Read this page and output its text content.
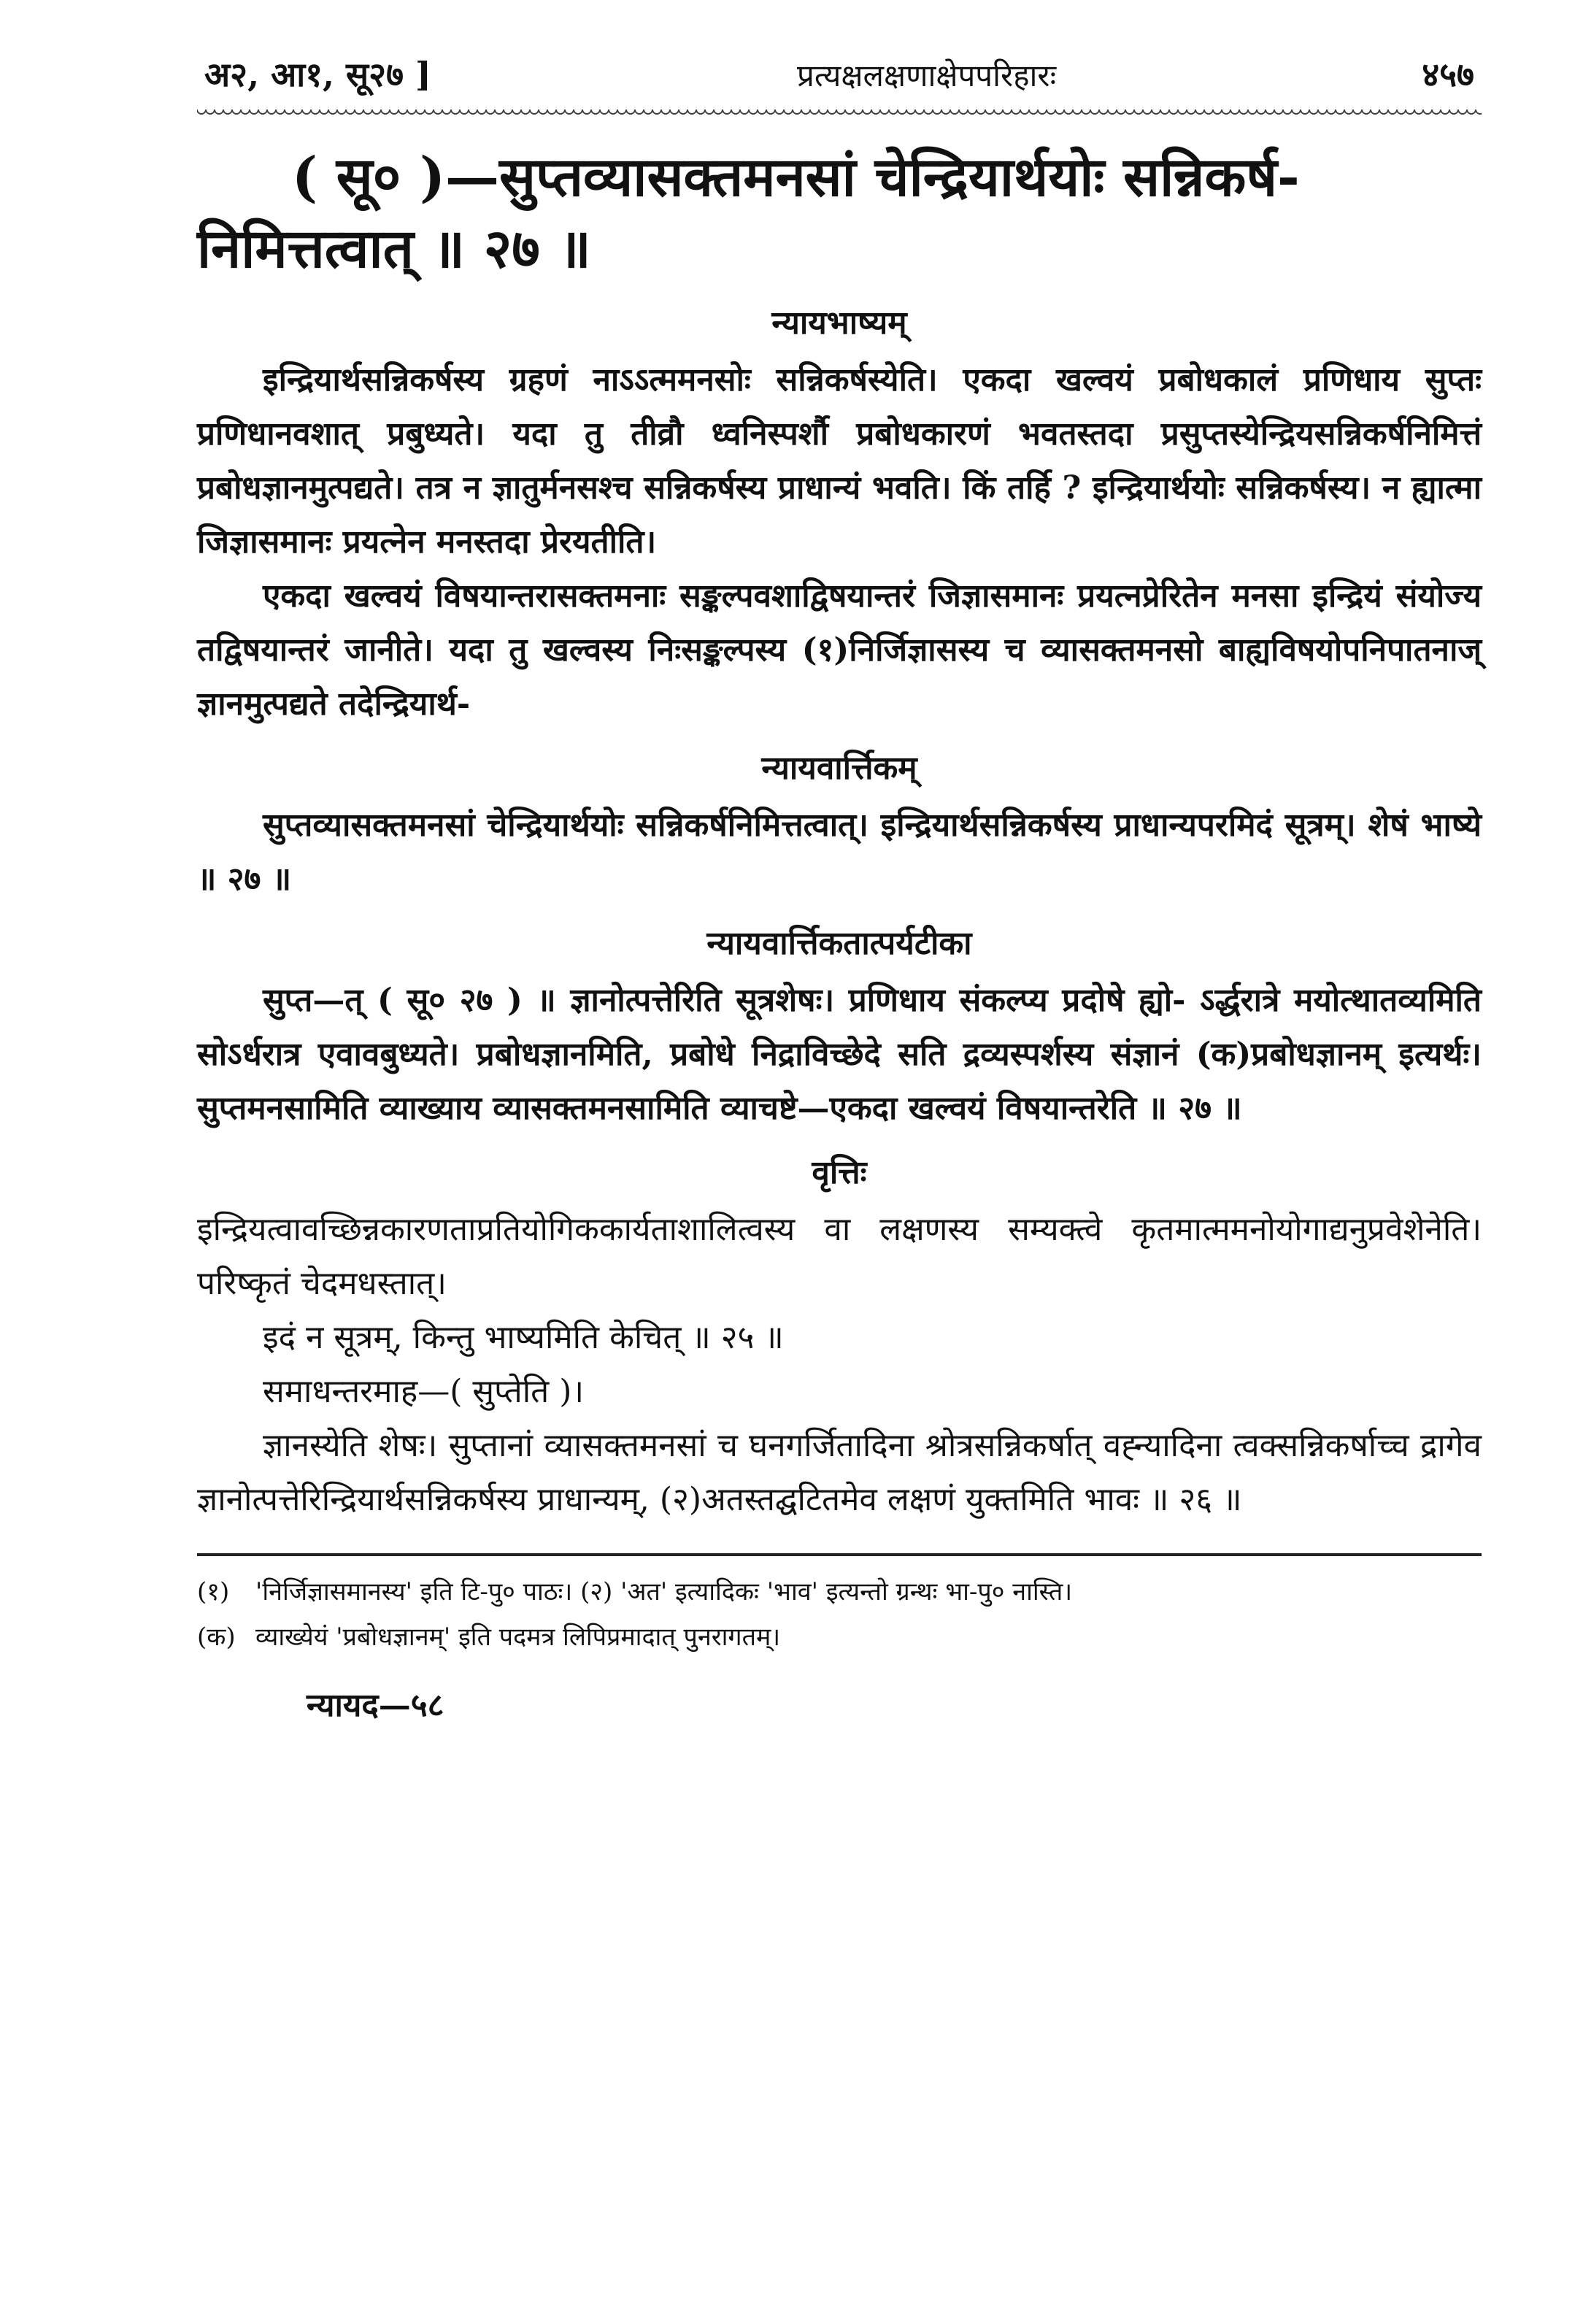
अ२, आ१, सू२७ ]	प्रत्यक्षलक्षणाक्षेपपरिहारः	४५७
( सू० )—सुप्तव्यासक्तमनसां चेन्द्रियार्थयोः सन्निकर्ष-
निमित्तत्वात् ॥ २७ ॥
न्यायभाष्यम्

इन्द्रियार्थसन्निकर्षस्य ग्रहणं नाऽऽत्ममनसोः सन्निकर्षस्येति। एकदा खल्वयं प्रबोधकालं प्रणिधाय सुप्तः प्रणिधानवशात् प्रबुध्यते। यदा तु तीव्रौ ध्वनिस्पर्शौ प्रबोधकारणं भवतस्तदा प्रसुप्तस्येन्द्रियसन्निकर्षनिमित्तं प्रबोधज्ञानमुत्पद्यते। तत्र न ज्ञातुर्मनसश्च सन्निकर्षस्य प्राधान्यं भवति। किं तर्हि ? इन्द्रियार्थयोः सन्निकर्षस्य। न ह्यात्मा जिज्ञासमानः प्रयत्नेन मनस्तदा प्रेरयतीति।

एकदा खल्वयं विषयान्तरासक्तमनाः सङ्कल्पवशाद्विषयान्तरं जिज्ञासमानः प्रयत्नप्रेरितेन मनसा इन्द्रियं संयोज्य तद्विषयान्तरं जानीते। यदा तु खल्वस्य निःसङ्कल्पस्य (१)निर्जिज्ञासस्य च व्यासक्तमनसो बाह्यविषयोपनिपातनाज् ज्ञानमुत्पद्यते तदेन्द्रियार्थ-

न्यायवार्त्तिकम्

सुप्तव्यासक्तमनसां चेन्द्रियार्थयोः सन्निकर्षनिमित्तत्वात्। इन्द्रियार्थसन्निकर्षस्य प्राधान्यपरमिदं सूत्रम्। शेषं भाष्ये ॥ २७ ॥

न्यायवार्त्तिकतात्पर्यटीका

सुप्त—त् ( सू० २७ ) ॥ ज्ञानोत्पत्तेरिति सूत्रशेषः। प्रणिधाय संकल्प्य प्रदोषे ह्यो- ऽर्द्धरात्रे मयोत्थातव्यमिति सोऽर्धरात्र एवावबुध्यते। प्रबोधज्ञानमिति, प्रबोधे निद्राविच्छेदे सति द्रव्यस्पर्शस्य संज्ञानं (क)प्रबोधज्ञानम् इत्यर्थः। सुप्तमनसामिति व्याख्याय व्यासक्तमनसामिति व्याचष्टे—एकदा खल्वयं विषयान्तरेति ॥ २७ ॥

वृत्तिः

इन्द्रियत्वावच्छिन्नकारणताप्रतियोगिककार्यताशालित्वस्य वा लक्षणस्य सम्यक्त्वे कृतमात्ममनोयोगाद्यनुप्रवेशेनेति। परिष्कृतं चेदमधस्तात्।

इदं न सूत्रम्, किन्तु भाष्यमिति केचित् ॥ २५ ॥

समाधन्तरमाह—( सुप्तेति )।

ज्ञानस्येति शेषः। सुप्तानां व्यासक्तमनसां च घनगर्जितादिना श्रोत्रसन्निकर्षात् वह्न्यादिना त्वक्सन्निकर्षाच्च द्रागेव ज्ञानोत्पत्तेरिन्द्रियार्थसन्निकर्षस्य प्राधान्यम्, (२)अतस्तद्घटितमेव लक्षणं युक्तमिति भावः ॥ २६ ॥

(१) 'निर्जिज्ञासमानस्य' इति टि-पु० पाठः। (२) 'अत' इत्यादिकः 'भाव' इत्यन्तो ग्रन्थः भा-पु० नास्ति।

(क) व्याख्येयं 'प्रबोधज्ञानम्' इति पदमत्र लिपिप्रमादात् पुनरागतम्।

न्यायद—५८
